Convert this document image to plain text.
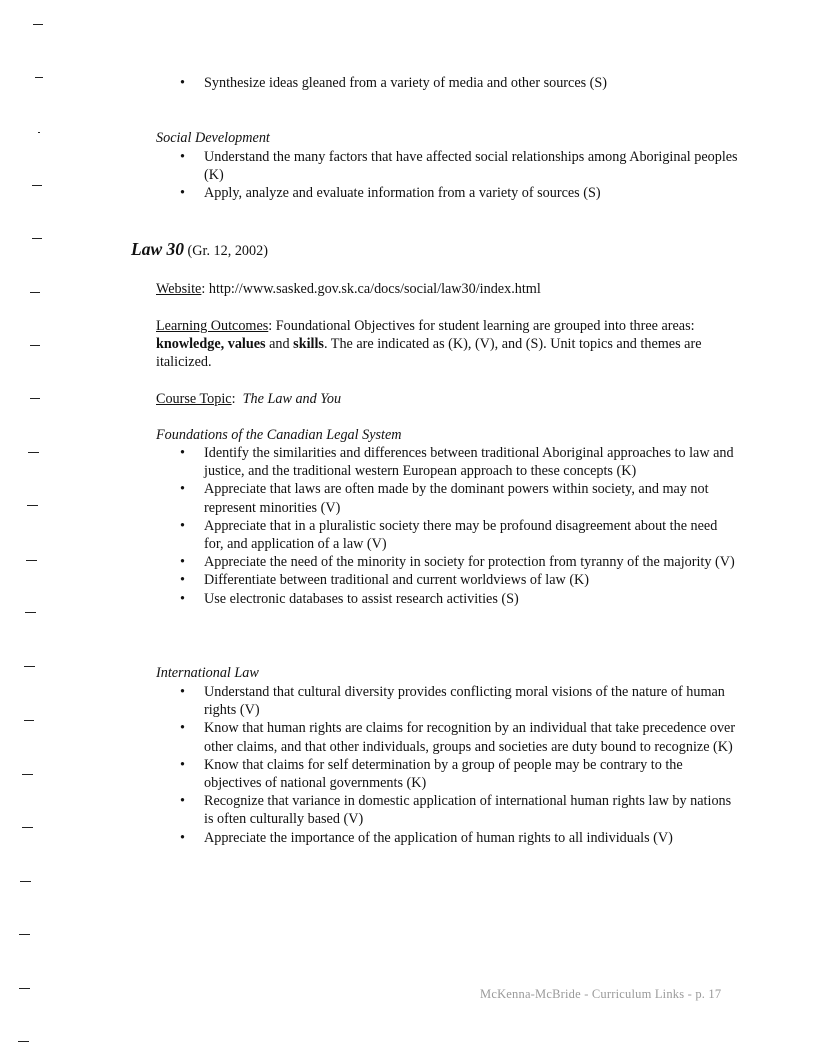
•	Synthesize ideas gleaned from a variety of media and other sources (S)
Social Development
•	Understand the many factors that have affected social relationships among Aboriginal peoples (K)
•	Apply, analyze and evaluate information from a variety of sources (S)
Law 30 (Gr. 12, 2002)
Website: http://www.sasked.gov.sk.ca/docs/social/law30/index.html
Learning Outcomes: Foundational Objectives for student learning are grouped into three areas: knowledge, values and skills. The are indicated as (K), (V), and (S). Unit topics and themes are italicized.
Course Topic: The Law and You
Foundations of the Canadian Legal System
•	Identify the similarities and differences between traditional Aboriginal approaches to law and justice, and the traditional western European approach to these concepts (K)
•	Appreciate that laws are often made by the dominant powers within society, and may not represent minorities (V)
•	Appreciate that in a pluralistic society there may be profound disagreement about the need for, and application of a law (V)
•	Appreciate the need of the minority in society for protection from tyranny of the majority (V)
•	Differentiate between traditional and current worldviews of law (K)
•	Use electronic databases to assist research activities (S)
International Law
•	Understand that cultural diversity provides conflicting moral visions of the nature of human rights (V)
•	Know that human rights are claims for recognition by an individual that take precedence over other claims, and that other individuals, groups and societies are duty bound to recognize (K)
•	Know that claims for self determination by a group of people may be contrary to the objectives of national governments (K)
•	Recognize that variance in domestic application of international human rights law by nations is often culturally based (V)
•	Appreciate the importance of the application of human rights to all individuals (V)
McKenna-McBride - Curriculum Links - p. 17
